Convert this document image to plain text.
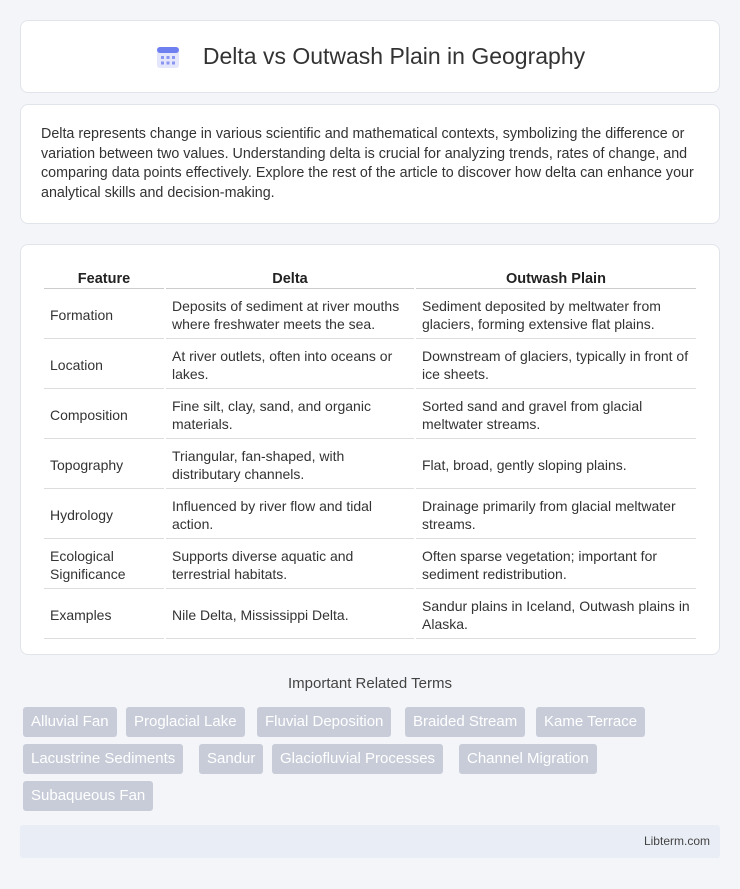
Delta vs Outwash Plain in Geography

Delta represents change in various scientific and mathematical contexts, symbolizing the difference or variation between two values. Understanding delta is crucial for analyzing trends, rates of change, and comparing data points effectively. Explore the rest of the article to discover how delta can enhance your analytical skills and decision-making.

Feature	Delta	Outwash Plain
Formation	Deposits of sediment at river mouths where freshwater meets the sea.	Sediment deposited by meltwater from glaciers, forming extensive flat plains.
Location	At river outlets, often into oceans or lakes.	Downstream of glaciers, typically in front of ice sheets.
Composition	Fine silt, clay, sand, and organic materials.	Sorted sand and gravel from glacial meltwater streams.
Topography	Triangular, fan-shaped, with distributary channels.	Flat, broad, gently sloping plains.
Hydrology	Influenced by river flow and tidal action.	Drainage primarily from glacial meltwater streams.
Ecological Significance	Supports diverse aquatic and terrestrial habitats.	Often sparse vegetation; important for sediment redistribution.
Examples	Nile Delta, Mississippi Delta.	Sandur plains in Iceland, Outwash plains in Alaska.
Important Related Terms
Alluvial Fan	Proglacial Lake	Fluvial Deposition	Braided Stream	Kame Terrace
Lacustrine Sediments	Sandur	Glaciofluvial Processes	Channel Migration
Subaqueous Fan
Libterm.com
